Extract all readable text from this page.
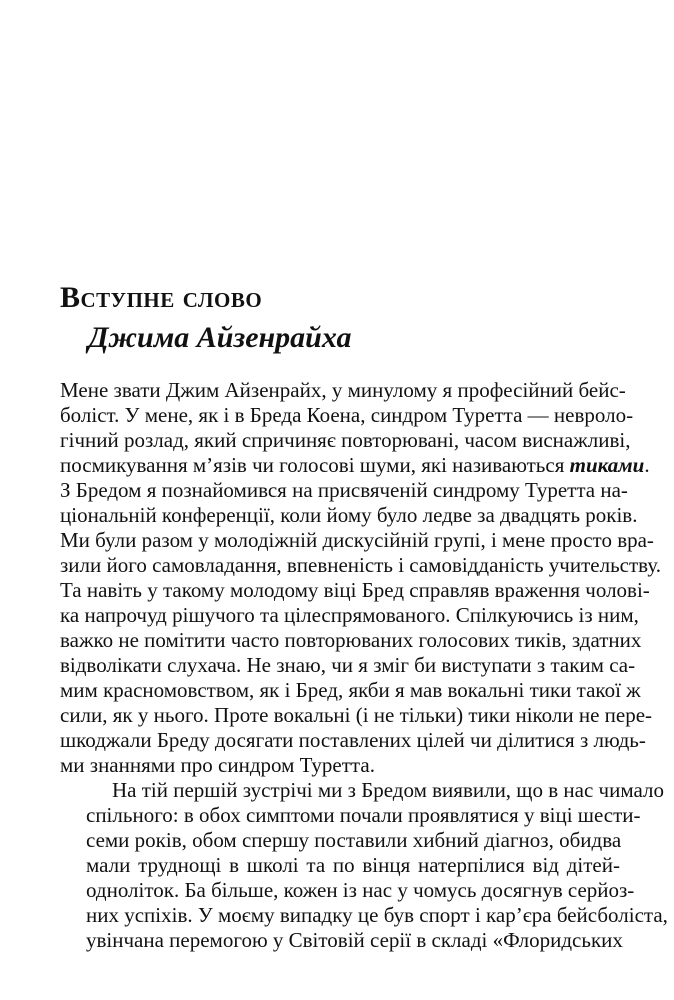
Вступне слово
Джима Айзенрайха

Мене звати Джим Айзенрайх, у минулому я професійний бейс-
боліст. У мене, як і в Бреда Коена, синдром Туретта — невроло-
гічний розлад, який спричиняє повторювані, часом виснажливі,
посмикування м’язів чи голосові шуми, які називаються тиками.
З Бредом я познайомився на присвяченій синдрому Туретта на-
ціональній конференції, коли йому було ледве за двадцять років.
Ми були разом у молодіжній дискусійній групі, і мене просто вра-
зили його самовладання, впевненість і самовідданість учительству.
Та навіть у такому молодому віці Бред справляв враження чолові-
ка напрочуд рішучого та цілеспрямованого. Спілкуючись із ним,
важко не помітити часто повторюваних голосових тиків, здатних
відволікати слухача. Не знаю, чи я зміг би виступати з таким са-
мим красномовством, як і Бред, якби я мав вокальні тики такої ж
сили, як у нього. Проте вокальні (і не тільки) тики ніколи не пере-
шкоджали Бреду досягати поставлених цілей чи ділитися з людь-
ми знаннями про синдром Туретта.

На тій першій зустрічі ми з Бредом виявили, що в нас чимало
спільного: в обох симптоми почали проявлятися у віці шести-
семи років, обом спершу поставили хибний діагноз, обидва
мали труднощі в школі та по вінця натерпілися від дітей-
одноліток. Ба більше, кожен із нас у чомусь досягнув серйоз-
них успіхів. У моєму випадку це був спорт і кар’єра бейсболіста,
увінчана перемогою у Світовій серії в складі «Флоридських
